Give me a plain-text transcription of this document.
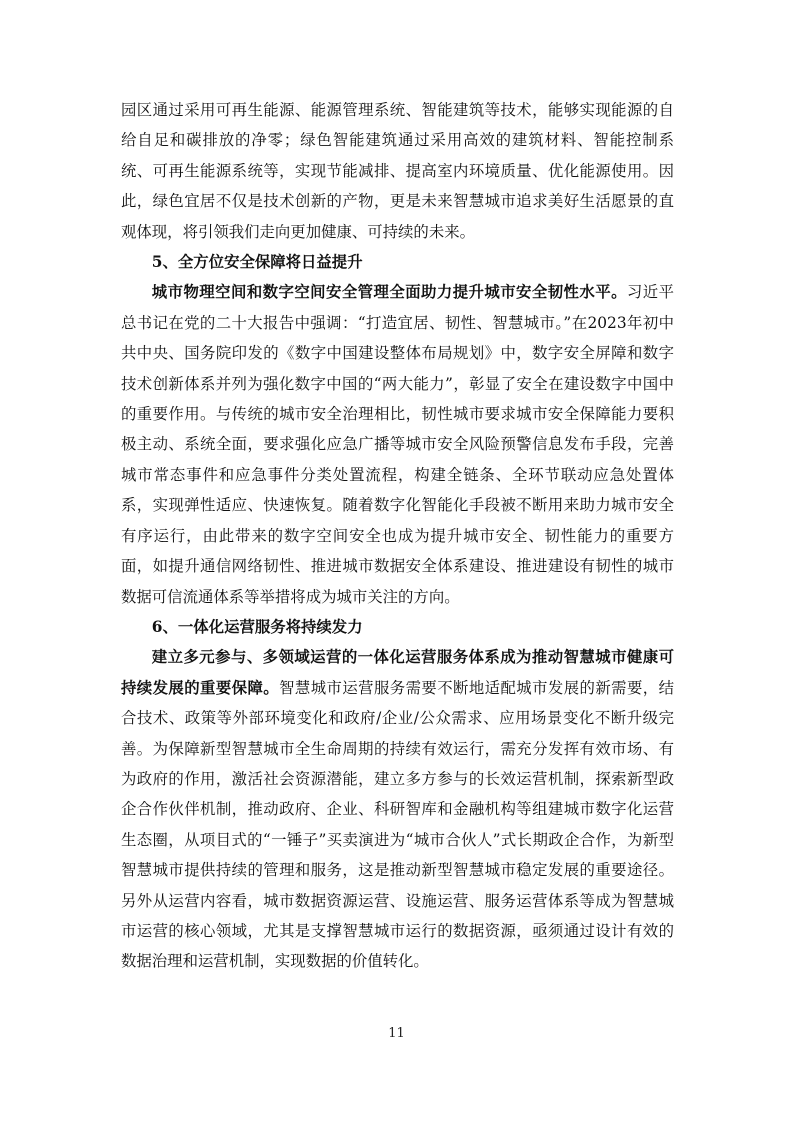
园区通过采用可再生能源、能源管理系统、智能建筑等技术，能够实现能源的自给自足和碳排放的净零；绿色智能建筑通过采用高效的建筑材料、智能控制系统、可再生能源系统等，实现节能减排、提高室内环境质量、优化能源使用。因此，绿色宜居不仅是技术创新的产物，更是未来智慧城市追求美好生活愿景的直观体现，将引领我们走向更加健康、可持续的未来。

5、全方位安全保障将日益提升

城市物理空间和数字空间安全管理全面助力提升城市安全韧性水平。习近平总书记在党的二十大报告中强调：“打造宜居、韧性、智慧城市。”在2023年初中共中央、国务院印发的《数字中国建设整体布局规划》中，数字安全屏障和数字技术创新体系并列为强化数字中国的“两大能力”，彰显了安全在建设数字中国中的重要作用。与传统的城市安全治理相比，韧性城市要求城市安全保障能力要积极主动、系统全面，要求强化应急广播等城市安全风险预警信息发布手段，完善城市常态事件和应急事件分类处置流程，构建全链条、全环节联动应急处置体系，实现弹性适应、快速恢复。随着数字化智能化手段被不断用来助力城市安全有序运行，由此带来的数字空间安全也成为提升城市安全、韧性能力的重要方面，如提升通信网络韧性、推进城市数据安全体系建设、推进建设有韧性的城市数据可信流通体系等举措将成为城市关注的方向。

6、一体化运营服务将持续发力

建立多元参与、多领域运营的一体化运营服务体系成为推动智慧城市健康可持续发展的重要保障。智慧城市运营服务需要不断地适配城市发展的新需要，结合技术、政策等外部环境变化和政府/企业/公众需求、应用场景变化不断升级完善。为保障新型智慧城市全生命周期的持续有效运行，需充分发挥有效市场、有为政府的作用，激活社会资源潜能，建立多方参与的长效运营机制，探索新型政企合作伙伴机制，推动政府、企业、科研智库和金融机构等组建城市数字化运营生态圈，从项目式的“一锤子”买卖演进为“城市合伙人”式长期政企合作，为新型智慧城市提供持续的管理和服务，这是推动新型智慧城市稳定发展的重要途径。另外从运营内容看，城市数据资源运营、设施运营、服务运营体系等成为智慧城市运营的核心领域，尤其是支撑智慧城市运行的数据资源，亟须通过设计有效的数据治理和运营机制，实现数据的价值转化。

11
